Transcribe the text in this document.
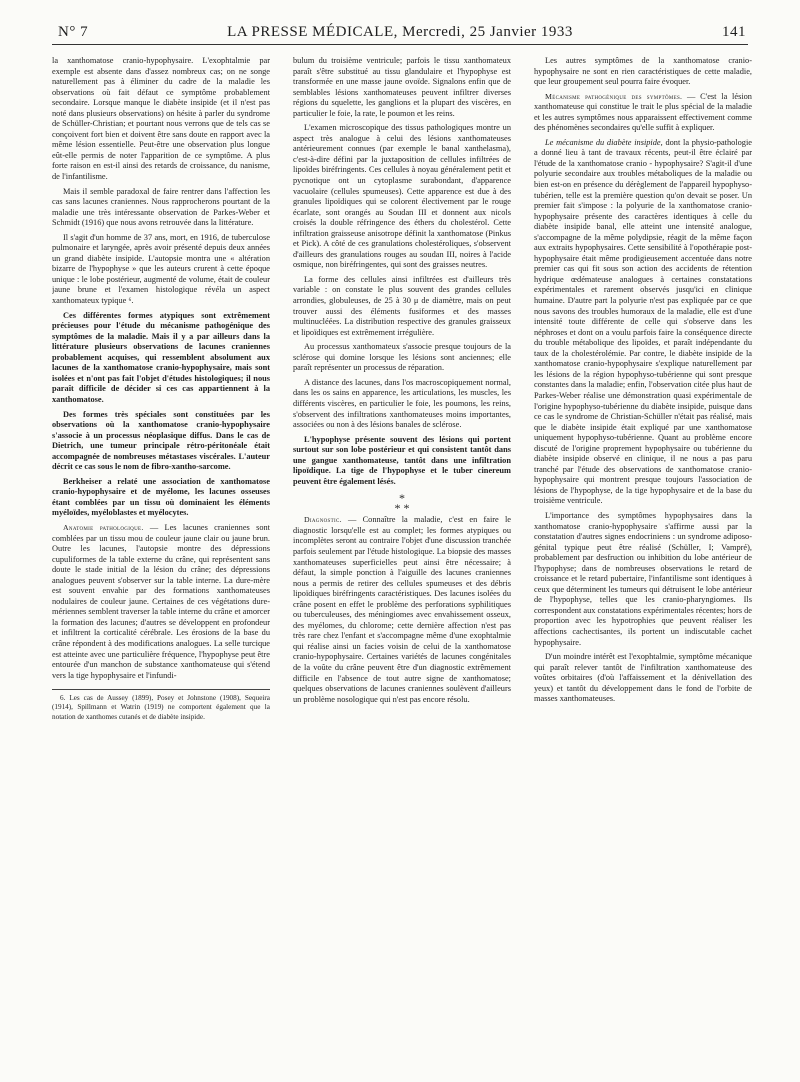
N° 7	LA PRESSE MÉDICALE, Mercredi, 25 Janvier 1933	141

la xanthomatose cranio-hypophysaire. L'exophtalmie par exemple est absente dans d'assez nombreux cas; on ne songe naturellement pas à éliminer du cadre de la maladie les observations où fait défaut ce symptôme probablement secondaire. Lorsque manque le diabète insipide (et il n'est pas noté dans plusieurs observations) on hésite à parler du syndrome de Schüller-Christian; et pourtant nous verrons que de tels cas se conçoivent fort bien et doivent être sans doute en rapport avec la même lésion essentielle. Peut-être une observation plus longue eût-elle permis de noter l'apparition de ce symptôme. A plus forte raison en est-il ainsi des retards de croissance, du nanisme, de l'infantilisme.

Mais il semble paradoxal de faire rentrer dans l'affection les cas sans lacunes craniennes. Nous rapprocherons pourtant de la maladie une très intéressante observation de Parkes-Weber et Schmidt (1916) que nous avons retrouvée dans la littérature.

Il s'agit d'un homme de 37 ans, mort, en 1916, de tuberculose pulmonaire et laryngée, après avoir présenté depuis deux années un grand diabète insipide. L'autopsie montra une « altération bizarre de l'hypophyse » que les auteurs crurent à cette époque unique : le lobe postérieur, augmenté de volume, était de couleur jaune brune et l'examen histologique révéla un aspect xanthomateux typique ⁶.

Ces différentes formes atypiques sont extrêmement précieuses pour l'étude du mécanisme pathogénique des symptômes de la maladie. Mais il y a par ailleurs dans la littérature plusieurs observations de lacunes craniennes probablement acquises, qui ressemblent absolument aux lacunes de la xanthomatose cranio-hypophysaire, mais sont isolées et n'ont pas fait l'objet d'études histologiques; il nous paraît difficile de décider si ces cas appartiennent à la xanthomatose.

Des formes très spéciales sont constituées par les observations où la xanthomatose cranio-hypophysaire s'associe à un processus néoplasique diffus. Dans le cas de Dietrich, une tumeur principale rétro-péritonéale était accompagnée de nombreuses métastases viscérales. L'auteur décrit ce cas sous le nom de fibro-xantho-sarcome.

Berkheiser a relaté une association de xanthomatose cranio-hypophysaire et de myélome, les lacunes osseuses étant comblées par un tissu où dominaient les éléments myéloïdes, myéloblastes et myélocytes.

Anatomie pathologique. — Les lacunes craniennes sont comblées par un tissu mou de couleur jaune clair ou jaune brun. Outre les lacunes, l'autopsie montre des dépressions cupuliformes de la table externe du crâne, qui représentent sans doute le stade initial de la lésion du crâne; des dépressions analogues peuvent s'observer sur la table interne. La dure-mère est souvent envahie par des formations xanthomateuses nodulaires de couleur jaune. Certaines de ces végétations dure-mériennes semblent traverser la table interne du crâne et amorcer la formation des lacunes; d'autres se développent en profondeur et infiltrent la corticalité cérébrale. Les érosions de la base du crâne répondent à des modifications analogues. La selle turcique est atteinte avec une particulière fréquence, l'hypophyse peut être entourée d'un manchon de substance xanthomateuse qui s'étend vers la tige hypophysaire et l'infundi-

6. Les cas de Aussey (1899), Posey et Johnstone (1908), Sequeira (1914), Spillmann et Watrin (1919) ne comportent également que la notation de xanthomes cutanés et de diabète insipide.

bulum du troisième ventricule; parfois le tissu xanthomateux paraît s'être substitué au tissu glandulaire et l'hypophyse est transformée en une masse jaune ovoïde. Signalons enfin que de semblables lésions xanthomateuses peuvent infiltrer diverses régions du squelette, les ganglions et la plupart des viscères, en particulier le foie, la rate, le poumon et les reins.

L'examen microscopique des tissus pathologiques montre un aspect très analogue à celui des lésions xanthomateuses antérieurement connues (par exemple le banal xanthelasma), c'est-à-dire défini par la juxtaposition de cellules infiltrées de lipoïdes biréfringents. Ces cellules à noyau généralement petit et pycnotique ont un cytoplasme surabondant, d'apparence vacuolaire (cellules spumeuses). Cette apparence est due à des granules lipoïdiques qui se colorent électivement par le rouge écarlate, sont orangés au Soudan III et donnent aux nicols croisés la double réfringence des éthers du cholestérol. Cette infiltration graisseuse anisotrope définit la xanthomatose (Pinkus et Pick). A côté de ces granulations cholestéroliques, s'observent d'ailleurs des granulations rouges au soudan III, noires à l'acide osmique, non biréfringentes, qui sont des graisses neutres.

La forme des cellules ainsi infiltrées est d'ailleurs très variable : on constate le plus souvent des grandes cellules arrondies, globuleuses, de 25 à 30 μ de diamètre, mais on peut trouver aussi des éléments fusiformes et des masses multinucléées. La distribution respective des granules graisseux et lipoïdiques est extrêmement irrégulière.

Au processus xanthomateux s'associe presque toujours de la sclérose qui domine lorsque les lésions sont anciennes; elle paraît représenter un processus de réparation.

A distance des lacunes, dans l'os macroscopiquement normal, dans les os sains en apparence, les articulations, les muscles, les différents viscères, en particulier le foie, les poumons, les reins, s'observent des infiltrations xanthomateuses moins importantes, associées ou non à des lésions banales de sclérose.

L'hypophyse présente souvent des lésions qui portent surtout sur son lobe postérieur et qui consistent tantôt dans une gangue xanthomateuse, tantôt dans une infiltration lipoïdique. La tige de l'hypophyse et le tuber cinereum peuvent être également lésés.

*
* *

Diagnostic. — Connaître la maladie, c'est en faire le diagnostic lorsqu'elle est au complet; les formes atypiques ou incomplètes seront au contraire l'objet d'une discussion tranchée parfois seulement par l'étude histologique. La biopsie des masses xanthomateuses superficielles peut ainsi être nécessaire; à défaut, la simple ponction à l'aiguille des lacunes craniennes nous a permis de retirer des cellules spumeuses et des débris lipoïdiques biréfringents caractéristiques. Des lacunes isolées du crâne posent en effet le problème des perforations syphilitiques ou tuberculeuses, des méningiomes avec envahissement osseux, des myélomes, du chlorome; cette dernière affection n'est pas très rare chez l'enfant et s'accompagne même d'une exophtalmie qui réalise ainsi un facies voisin de celui de la xanthomatose cranio-hypophysaire. Certaines variétés de lacunes congénitales de la voûte du crâne peuvent être d'un diagnostic extrêmement difficile en l'absence de tout autre signe de xanthomatose; quelques observations de lacunes craniennes soulèvent d'ailleurs un problème nosologique qui n'est pas encore résolu.

Les autres symptômes de la xanthomatose cranio-hypophysaire ne sont en rien caractéristiques de cette maladie, que leur groupement seul pourra faire évoquer.

Mécanisme pathogénique des symptômes. — C'est la lésion xanthomateuse qui constitue le trait le plus spécial de la maladie et les autres symptômes nous apparaissent effectivement comme des phénomènes secondaires qu'elle suffit à expliquer.

Le mécanisme du diabète insipide, dont la physio-pathologie a donné lieu à tant de travaux récents, peut-il être éclairé par l'étude de la xanthomatose cranio - hypophysaire? S'agit-il d'une polyurie secondaire aux troubles métaboliques de la maladie ou bien est-on en présence du dérèglement de l'appareil hypophyso-tubérien, telle est la première question qu'on devait se poser. Un premier fait s'impose : la polyurie de la xanthomatose cranio-hypophysaire présente des caractères identiques à celle du diabète insipide banal, elle atteint une intensité analogue, s'accompagne de la même polydipsie, réagit de la même façon aux extraits hypophysaires. Cette sensibilité à l'opothérapie post-hypophysaire était même prodigieusement accentuée dans notre premier cas qui fit sous son action des accidents de rétention hydrique œdémateuse analogues à certaines constatations expérimentales et rarement observés jusqu'ici en clinique humaine. D'autre part la polyurie n'est pas expliquée par ce que nous savons des troubles humoraux de la maladie, elle est d'une intensité toute différente de celle qui s'observe dans les néphroses et dont on a voulu parfois faire la conséquence directe du trouble métabolique des lipoïdes, et paraît indépendante du taux de la cholestérolémie. Par contre, le diabète insipide de la xanthomatose cranio-hypophysaire s'explique naturellement par les lésions de la région hypophyso-tubérienne qui sont presque constantes dans la maladie; enfin, l'observation citée plus haut de Parkes-Weber réalise une démonstration quasi expérimentale de l'origine hypophyso-tubérienne du diabète insipide, puisque dans ce cas le syndrome de Christian-Schüller n'était pas réalisé, mais que le diabète insipide était expliqué par une xanthomatose uniquement hypophyso-tubérienne. Quant au problème encore discuté de l'origine proprement hypophysaire ou tubérienne du diabète insipide observé en clinique, il ne nous a pas paru tranché par l'étude des observations de xanthomatose cranio-hypophysaire qui montrent presque toujours l'association de lésions de l'hypophyse, de la tige hypophysaire et de la base du troisième ventricule.

L'importance des symptômes hypophysaires dans la xanthomatose cranio-hypophysaire s'affirme aussi par la constatation d'autres signes endocriniens : un syndrome adiposo-génital typique peut être réalisé (Schüller, I; Vampré), probablement par desfruction ou inhibition du lobe antérieur de l'hypophyse; dans de nombreuses observations le retard de croissance et le retard pubertaire, l'infantilisme sont identiques à ceux que déterminent les tumeurs qui détruisent le lobe antérieur de l'hypophyse, telles que les cranio-pharyngiomes. Ils correspondent aux constatations expérimentales récentes; hors de proportion avec les hypotrophies que peuvent réaliser les affections cachectisantes, ils portent un indiscutable cachet hypophysaire.

D'un moindre intérêt est l'exophtalmie, symptôme mécanique qui paraît relever tantôt de l'infiltration xanthomateuse des voûtes orbitaires (d'où l'affaissement et la dénivellation des yeux) et tantôt du développement dans le fond de l'orbite de masses xanthomateuses.
